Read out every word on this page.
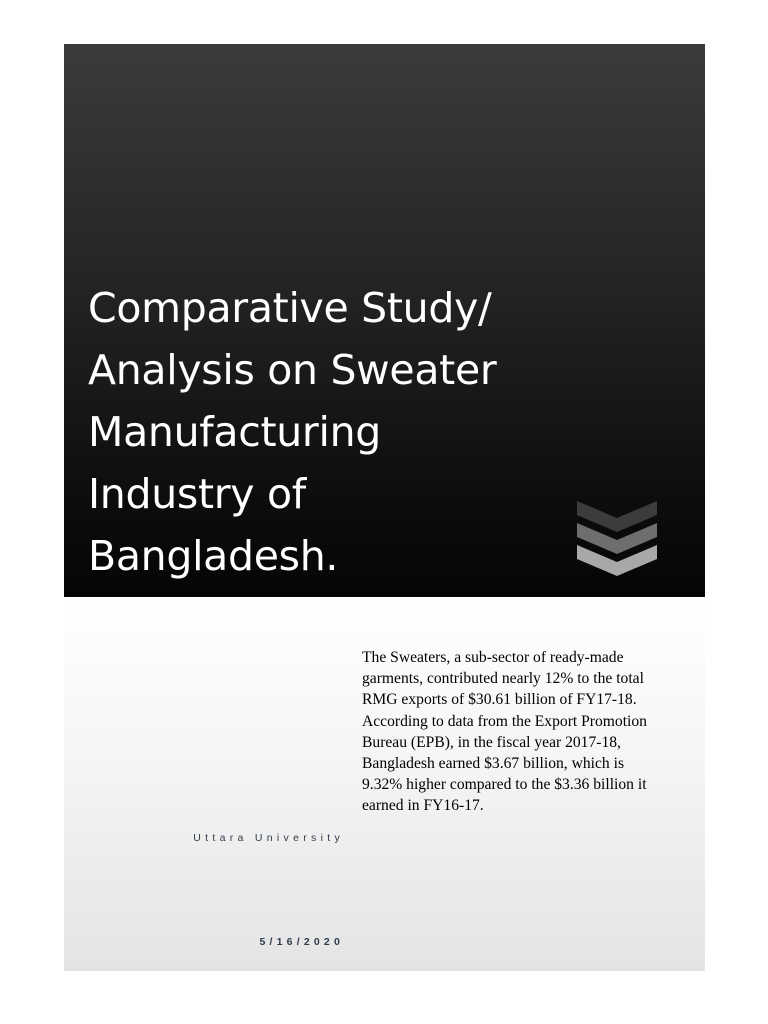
Comparative Study/
Analysis on Sweater
Manufacturing
Industry of
Bangladesh.

The Sweaters, a sub-sector of ready-made
garments, contributed nearly 12% to the total
RMG exports of $30.61 billion of FY17-18.
According to data from the Export Promotion
Bureau (EPB), in the fiscal year 2017-18,
Bangladesh earned $3.67 billion, which is
9.32% higher compared to the $3.36 billion it
earned in FY16-17.

Uttara University
5/16/2020
